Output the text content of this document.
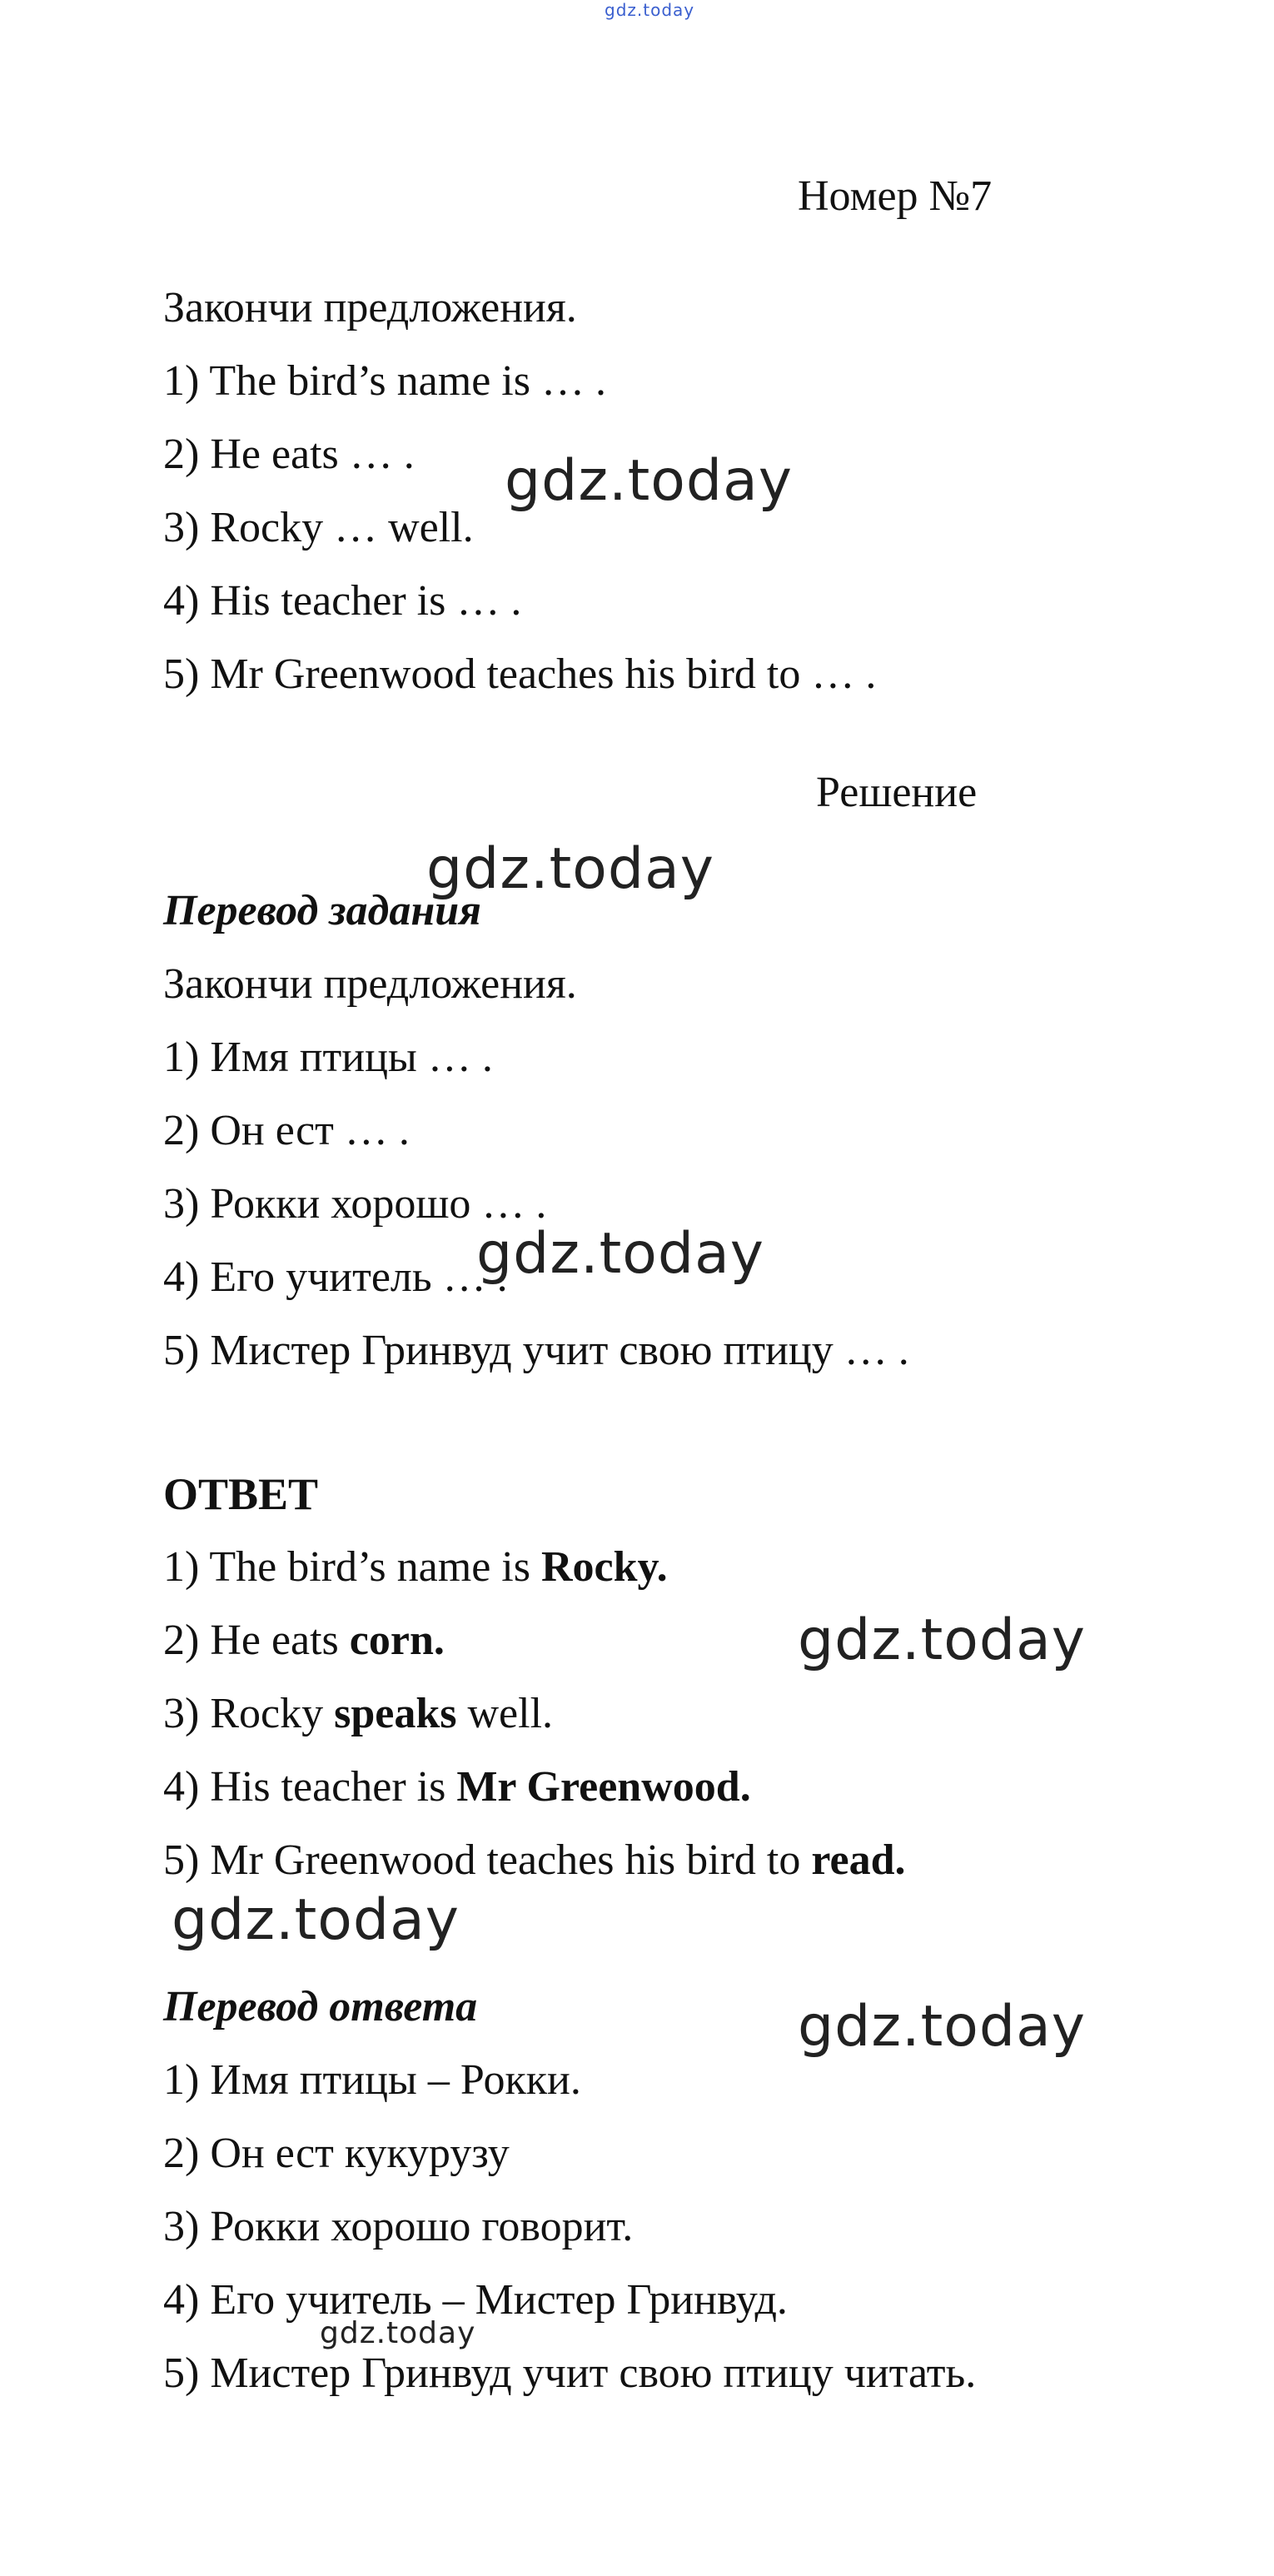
gdz.today
Номер №7
Закончи предложения.
1) The bird’s name is … .
2) He eats … .
3) Rocky … well.
4) His teacher is … .
5) Mr Greenwood teaches his bird to … .
gdz.today
Решение
Перевод задания
gdz.today
Закончи предложения.
1) Имя птицы … .
2) Он ест … .
3) Рокки хорошо … .
4) Его учитель … .
5) Мистер Гринвуд учит свою птицу … .
gdz.today
ОТВЕТ
1) The bird’s name is Rocky.
2) He eats corn.
3) Rocky speaks well.
4) His teacher is Mr Greenwood.
5) Mr Greenwood teaches his bird to read.
gdz.today
gdz.today
Перевод ответа	gdz.today
1) Имя птицы – Рокки.
2) Он ест кукурузу
3) Рокки хорошо говорит.
4) Его учитель – Мистер Гринвуд.
5) Мистер Гринвуд учит свою птицу читать.
gdz.today
